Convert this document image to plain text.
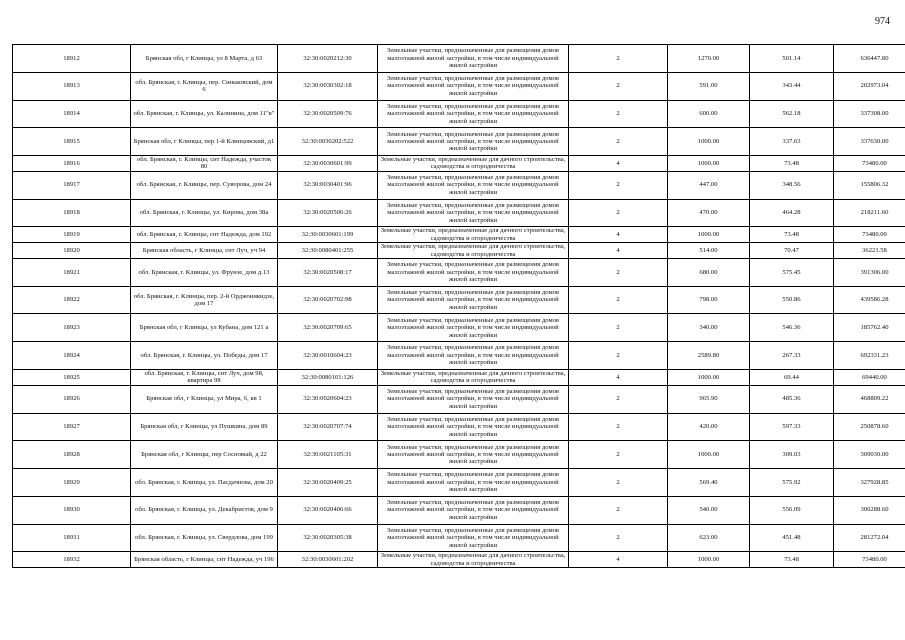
974
18912	Брянская обл, г Клинцы, ул 8 Марта, д 63	32:30:0020212:30	Земельные участки, предназначенные для размещения домов малоэтажной жилой застройки, в том числе индивидуальной жилой застройки	2	1270.00	501.14	636447.80
18913	обл. Брянская, г. Клинцы, пер. Синьковский, дом 6	32:30:0030302:18	Земельные участки, предназначенные для размещения домов малоэтажной жилой застройки, в том числе индивидуальной жилой застройки	2	591.00	343.44	202973.04
18914	обл. Брянская, г. Клинцы, ул. Калинина, дом 11"в"	32:30:0020509:76	Земельные участки, предназначенные для размещения домов малоэтажной жилой застройки, в том числе индивидуальной жилой застройки	2	600.00	562.18	337308.00
18915	Брянская обл, г Клинцы, пер 1-й Клинцовский, д1	32:30:0030202:522	Земельные участки, предназначенные для размещения домов малоэтажной жилой застройки, в том числе индивидуальной жилой застройки	2	1000.00	337.63	337630.00
18916	обл. Брянская, г. Клинцы, снт Надежда, участок 80	32:30:0030601:99	Земельные участки, предназначенные для дачного строительства, садоводства и огородничества	4	1000.00	73.48	73480.00
18917	обл. Брянская, г. Клинцы, пер. Суворова, дом 24	32:30:0030401:96	Земельные участки, предназначенные для размещения домов малоэтажной жилой застройки, в том числе индивидуальной жилой застройки	2	447.00	348.56	155806.32
18918	обл. Брянская, г. Клинцы, ул. Кирова, дом 38а	32:30:0020506:26	Земельные участки, предназначенные для размещения домов малоэтажной жилой застройки, в том числе индивидуальной жилой застройки	2	470.00	464.28	218211.60
18919	обл. Брянская, г. Клинцы, снт Надежда, дом 192	32:30:0030601:199	Земельные участки, предназначенные для дачного строительства, садоводства и огородничества	4	1000.00	73.48	73480.00
18920	Брянская область, г Клинцы, снт Луч, уч 94	32:30:0080401:255	Земельные участки, предназначенные для дачного строительства, садоводства и огородничества	4	514.00	70.47	36221.58
18921	обл. Брянская, г. Клинцы, ул. Фрунзе, дом д.13	32:30:0020508:17	Земельные участки, предназначенные для размещения домов малоэтажной жилой застройки, в том числе индивидуальной жилой застройки	2	680.00	575.45	391306.00
18922	обл. Брянская, г. Клинцы, пер. 2-й Орджоникидзе, дом 17	32:30:0020702:98	Земельные участки, предназначенные для размещения домов малоэтажной жилой застройки, в том числе индивидуальной жилой застройки	2	798.00	550.86	439586.28
18923	Брянская обл, г Клинцы, ул Кубана, дом 121 а	32:30:0020709:65	Земельные участки, предназначенные для размещения домов малоэтажной жилой застройки, в том числе индивидуальной жилой застройки	2	340.00	546.36	185762.40
18924	обл. Брянская, г. Клинцы, ул. Победы, дом 17	32:30:0010604:23	Земельные участки, предназначенные для размещения домов малоэтажной жилой застройки, в том числе индивидуальной жилой застройки	2	2589.80	267.33	692331.23
18925	обл. Брянская, г. Клинцы, снт Луч, дом 98, квартира 98	32:30:0080101:126	Земельные участки, предназначенные для дачного строительства, садоводства и огородничества	4	1000.00	69.44	69440.00
18926	Брянская обл, г Клинцы, ул Мира, 6, кв 1	32:30:0020604:23	Земельные участки, предназначенные для размещения домов малоэтажной жилой застройки, в том числе индивидуальной жилой застройки	2	965.90	485.36	468809.22
18927	Брянская обл, г Клинцы, ул Пушкина, дом 89	32:30:0020707:74	Земельные участки, предназначенные для размещения домов малоэтажной жилой застройки, в том числе индивидуальной жилой застройки	2	420.00	597.33	250878.60
18928	Брянская обл, г Клинцы, пер Сосновый, д 22	32:30:0021105:31	Земельные участки, предназначенные для размещения домов малоэтажной жилой застройки, в том числе индивидуальной жилой застройки	2	1000.00	309.03	309030.00
18929	обл. Брянская, г. Клинцы, ул. Пасдачнова, дом 20	32:30:0020409:25	Земельные участки, предназначенные для размещения домов малоэтажной жилой застройки, в том числе индивидуальной жилой застройки	2	569.40	575.92	327928.85
18930	обл. Брянская, г. Клинцы, ул. Декабристов, дом 9	32:30:0020406:66	Земельные участки, предназначенные для размещения домов малоэтажной жилой застройки, в том числе индивидуальной жилой застройки	2	540.00	556.09	300288.60
18931	обл. Брянская, г. Клинцы, ул. Свердлова, дом 199	32:30:0020305:38	Земельные участки, предназначенные для размещения домов малоэтажной жилой застройки, в том числе индивидуальной жилой застройки	2	623.00	451.48	281272.04
18932	Брянская область, г Клинцы, снт Надежда, уч 196	32:30:0030601:202	Земельные участки, предназначенные для дачного строительства, садоводства и огородничества	4	1000.00	73.48	73480.00
